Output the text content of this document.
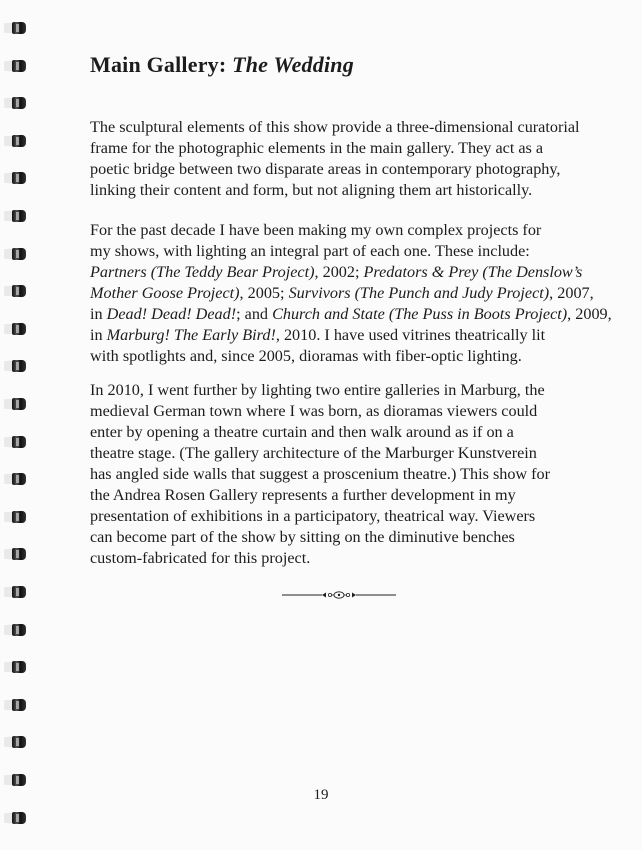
Main Gallery: The Wedding
The sculptural elements of this show provide a three-dimensional curatorial
frame for the photographic elements in the main gallery. They act as a
poetic bridge between two disparate areas in contemporary photography,
linking their content and form, but not aligning them art historically.
For the past decade I have been making my own complex projects for
my shows, with lighting an integral part of each one. These include:
Partners (The Teddy Bear Project), 2002; Predators & Prey (The Denslow’s
Mother Goose Project), 2005; Survivors (The Punch and Judy Project), 2007,
in Dead! Dead! Dead!; and Church and State (The Puss in Boots Project), 2009,
in Marburg! The Early Bird!, 2010. I have used vitrines theatrically lit
with spotlights and, since 2005, dioramas with fiber-optic lighting.
In 2010, I went further by lighting two entire galleries in Marburg, the
medieval German town where I was born, as dioramas viewers could
enter by opening a theatre curtain and then walk around as if on a
theatre stage. (The gallery architecture of the Marburger Kunstverein
has angled side walls that suggest a proscenium theatre.) This show for
the Andrea Rosen Gallery represents a further development in my
presentation of exhibitions in a participatory, theatrical way. Viewers
can become part of the show by sitting on the diminutive benches
custom-fabricated for this project.
19
